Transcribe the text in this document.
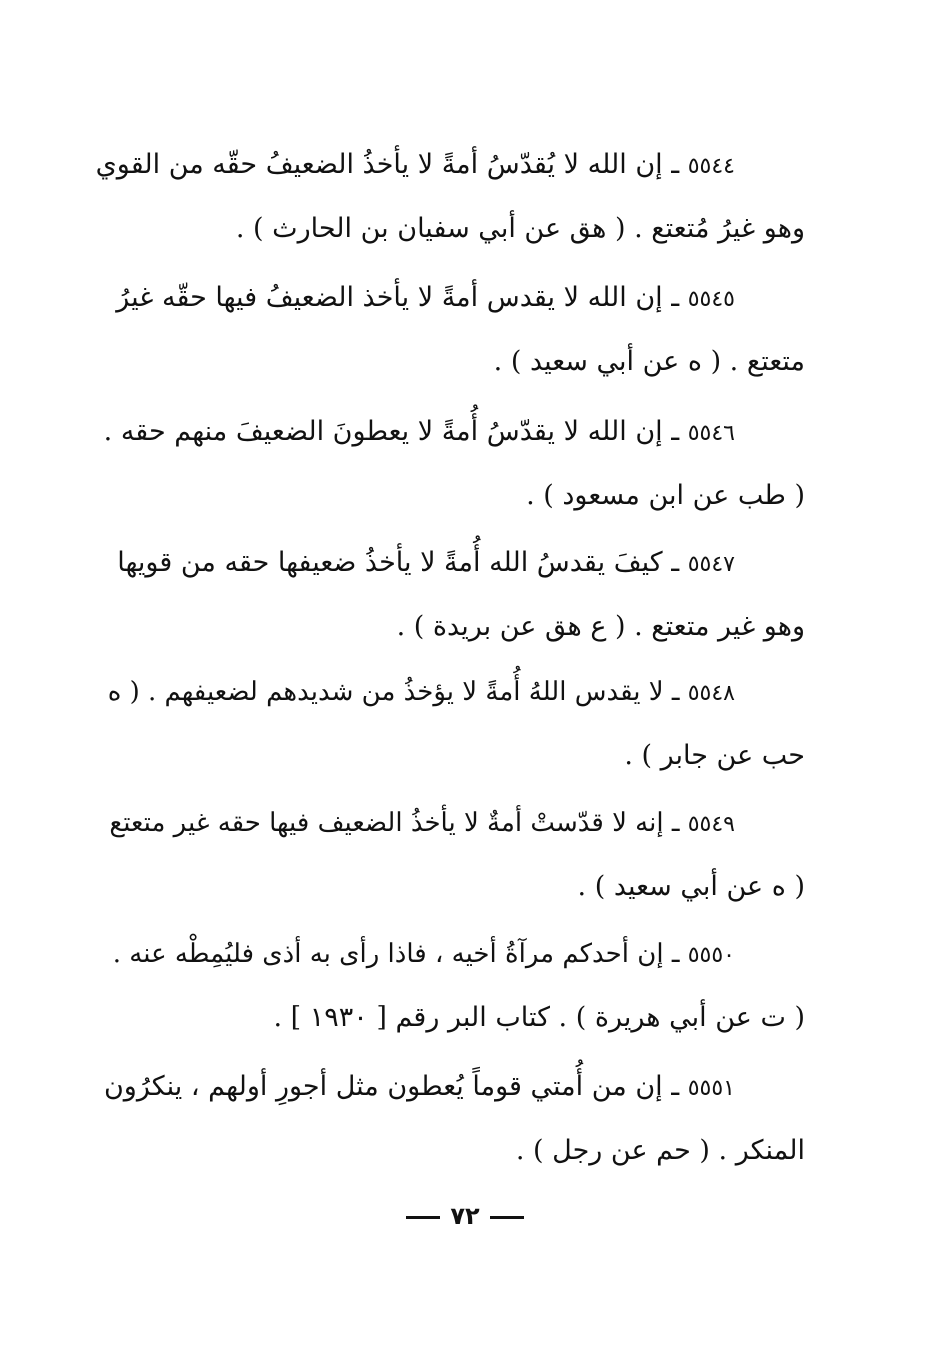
٥٥٤٤ ـ إن الله لا يُقدّسُ أمةً لا يأخذُ الضعيفُ حقّه من القوي
وهو غيرُ مُتعتع . ( هق عن أبي سفيان بن الحارث ) .
٥٥٤٥ ـ إن الله لا يقدس أمةً لا يأخذ الضعيفُ فيها حقّه غيرُ
متعتع . ( ه عن أبي سعيد ) .
٥٥٤٦ ـ إن الله لا يقدّسُ أُمةً لا يعطونَ الضعيفَ منهم حقه .
( طب عن ابن مسعود ) .
٥٥٤٧ ـ كيفَ يقدسُ الله أُمةً لا يأخذُ ضعيفها حقه من قويها
وهو غير متعتع . ( ع هق عن بريدة ) .
٥٥٤٨ ـ لا يقدس اللهُ أُمةً لا يؤخذُ من شديدهم لضعيفهم . ( ه
حب عن جابر ) .
٥٥٤٩ ـ إنه لا قدّستْ أمةٌ لا يأخذُ الضعيف فيها حقه غير متعتع
( ه عن أبي سعيد ) .
٥٥٥٠ ـ إن أحدكم مرآةُ أخيه ، فاذا رأى به أذى فليُمِطْه عنه .
( ت عن أبي هريرة ) . كتاب البر رقم [ ١٩٣٠ ] .
٥٥٥١ ـ إن من أُمتي قوماً يُعطون مثل أجورِ أولهم ، ينكرُون
المنكر . ( حم عن رجل ) .
٧٢
